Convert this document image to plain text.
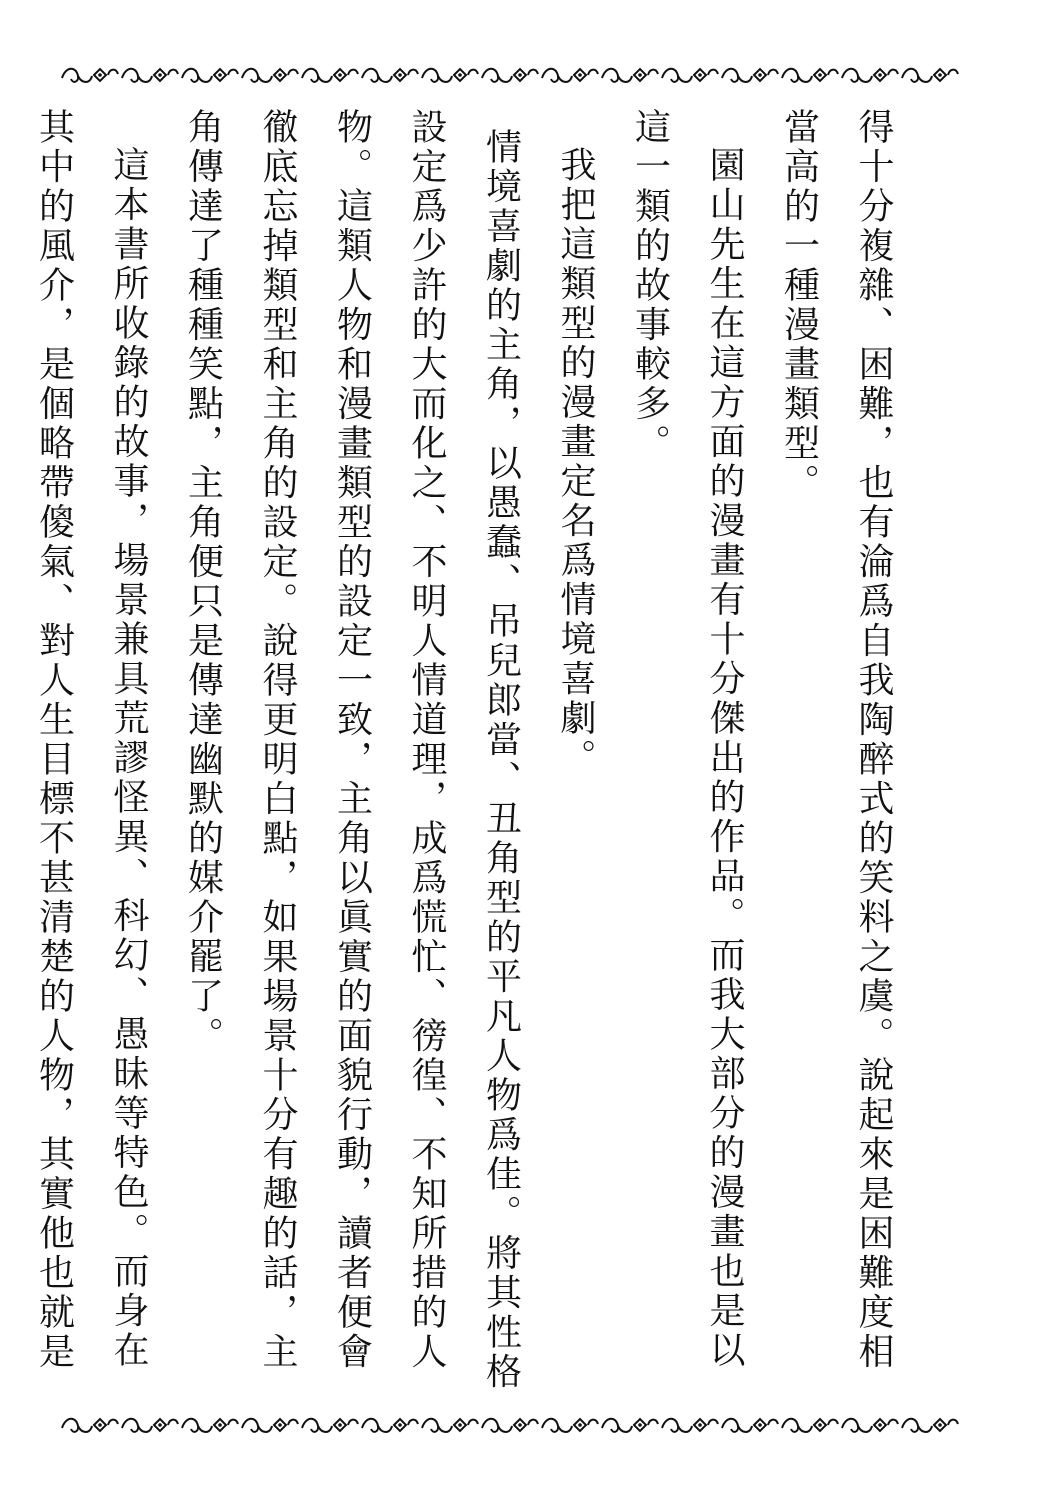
得十分複雜、困難，也有淪爲自我陶醉式的笑料之虞。說起來是困難度相當高的一種漫畫類型。

園山先生在這方面的漫畫有十分傑出的作品。而我大部分的漫畫也是以這一類的故事較多。

我把這類型的漫畫定名爲情境喜劇。

情境喜劇的主角，以愚蠢、吊兒郎當、丑角型的平凡人物爲佳。將其性格設定爲少許的大而化之、不明人情道理，成爲慌忙、徬徨、不知所措的人物。這類人物和漫畫類型的設定一致，主角以眞實的面貌行動，讀者便會徹底忘掉類型和主角的設定。說得更明白點，如果場景十分有趣的話，主角傳達了種種笑點，主角便只是傳達幽默的媒介罷了。

這本書所收錄的故事，場景兼具荒謬怪異、科幻、愚昧等特色。而身在其中的風介，是個略帶傻氣、對人生目標不甚清楚的人物，其實他也就是
